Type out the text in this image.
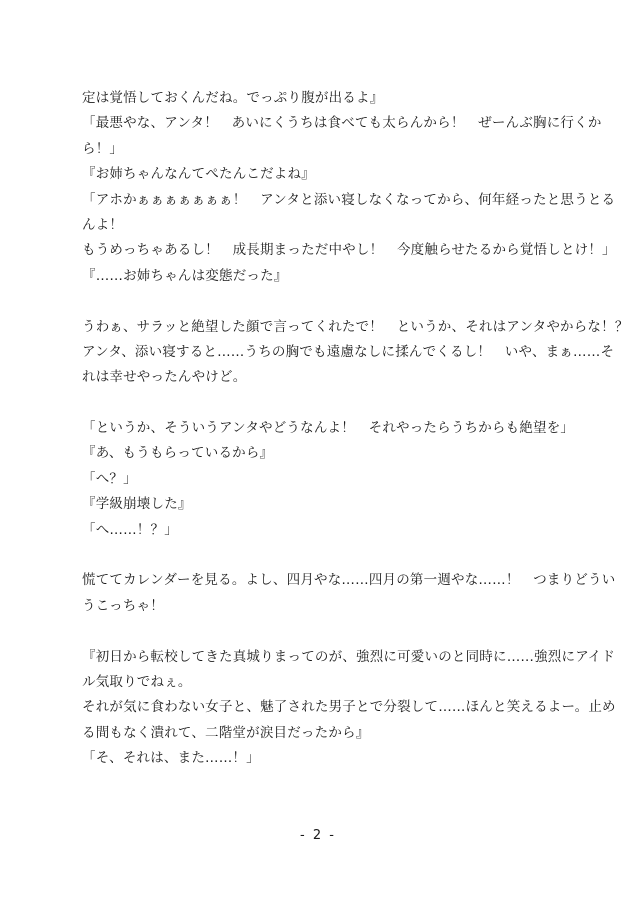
定は覚悟しておくんだね。でっぷり腹が出るよ』
「最悪やな、アンタ！　あいにくうちは食べても太らんから！　ぜーんぶ胸に行くか
ら！」
『お姉ちゃんなんてぺたんこだよね』
「アホかぁぁぁぁぁぁぁ！　アンタと添い寝しなくなってから、何年経ったと思うとる
んよ！
もうめっちゃあるし！　成長期まっただ中やし！　今度触らせたるから覚悟しとけ！」
『……お姉ちゃんは変態だった』
うわぁ、サラッと絶望した顔で言ってくれたで！　というか、それはアンタやからな！？
アンタ、添い寝すると……うちの胸でも遠慮なしに揉んでくるし！　いや、まぁ……そ
れは幸せやったんやけど。
「というか、そういうアンタやどうなんよ！　それやったらうちからも絶望を」
『あ、もうもらっているから』
「へ？」
『学級崩壊した』
「へ……！？」
慌ててカレンダーを見る。よし、四月やな……四月の第一週やな……！　つまりどうい
うこっちゃ！
『初日から転校してきた真城りまってのが、強烈に可愛いのと同時に……強烈にアイド
ル気取りでねぇ。
それが気に食わない女子と、魅了された男子とで分裂して……ほんと笑えるよー。止め
る間もなく潰れて、二階堂が涙目だったから』
「そ、それは、また……！」
- 2 -
